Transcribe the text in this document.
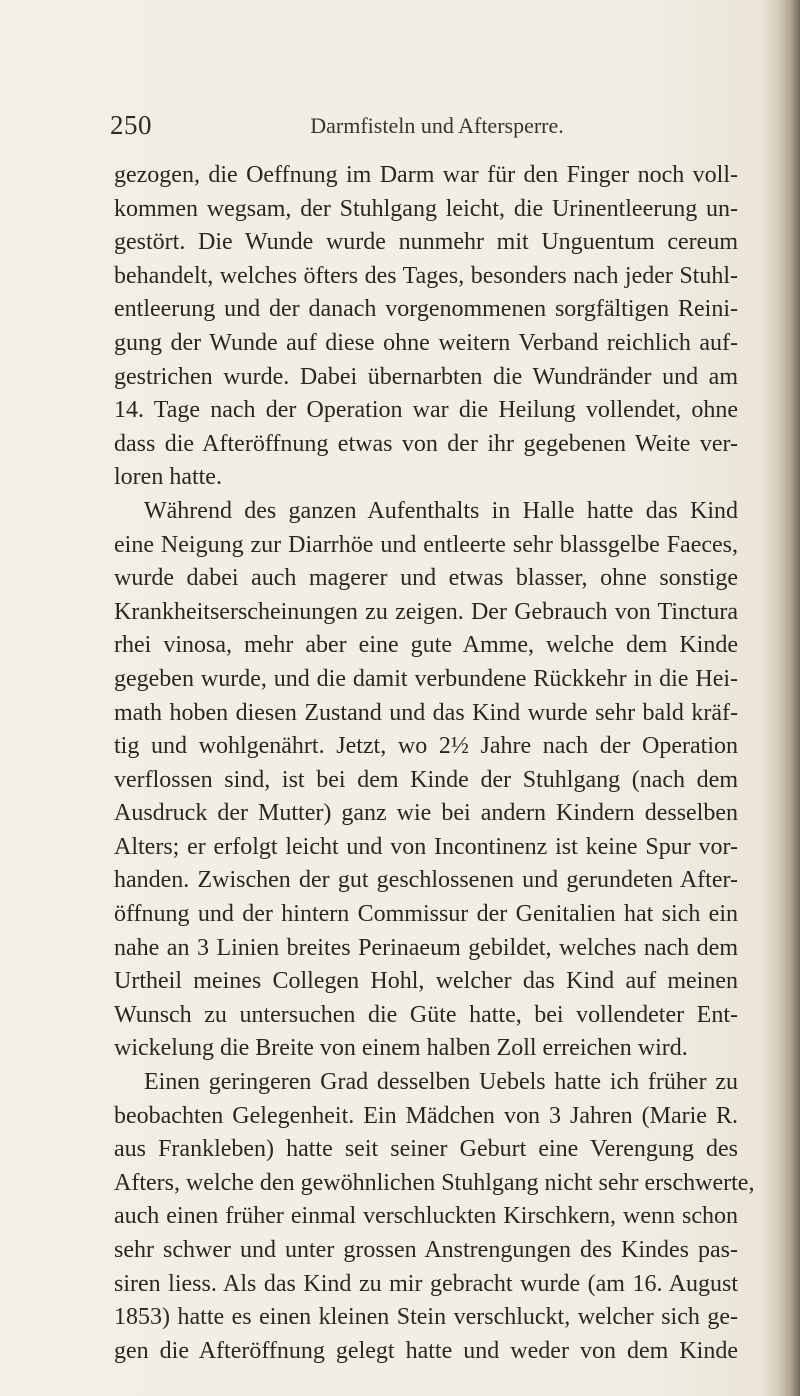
250	Darmfisteln und Aftersperre.
gezogen, die Oeffnung im Darm war für den Finger noch voll-
kommen wegsam, der Stuhlgang leicht, die Urinentleerung un-
gestört. Die Wunde wurde nunmehr mit Unguentum cereum
behandelt, welches öfters des Tages, besonders nach jeder Stuhl-
entleerung und der danach vorgenommenen sorgfältigen Reini-
gung der Wunde auf diese ohne weitern Verband reichlich auf-
gestrichen wurde. Dabei übernarbten die Wundränder und am
14. Tage nach der Operation war die Heilung vollendet, ohne
dass die Afteröffnung etwas von der ihr gegebenen Weite ver-
loren hatte.
Während des ganzen Aufenthalts in Halle hatte das Kind
eine Neigung zur Diarrhöe und entleerte sehr blassgelbe Faeces,
wurde dabei auch magerer und etwas blasser, ohne sonstige
Krankheitserscheinungen zu zeigen. Der Gebrauch von Tinctura
rhei vinosa, mehr aber eine gute Amme, welche dem Kinde
gegeben wurde, und die damit verbundene Rückkehr in die Hei-
math hoben diesen Zustand und das Kind wurde sehr bald kräf-
tig und wohlgenährt. Jetzt, wo 2½ Jahre nach der Operation
verflossen sind, ist bei dem Kinde der Stuhlgang (nach dem
Ausdruck der Mutter) ganz wie bei andern Kindern desselben
Alters; er erfolgt leicht und von Incontinenz ist keine Spur vor-
handen. Zwischen der gut geschlossenen und gerundeten After-
öffnung und der hintern Commissur der Genitalien hat sich ein
nahe an 3 Linien breites Perinaeum gebildet, welches nach dem
Urtheil meines Collegen Hohl, welcher das Kind auf meinen
Wunsch zu untersuchen die Güte hatte, bei vollendeter Ent-
wickelung die Breite von einem halben Zoll erreichen wird.
Einen geringeren Grad desselben Uebels hatte ich früher zu
beobachten Gelegenheit. Ein Mädchen von 3 Jahren (Marie R.
aus Frankleben) hatte seit seiner Geburt eine Verengung des
Afters, welche den gewöhnlichen Stuhlgang nicht sehr erschwerte,
auch einen früher einmal verschluckten Kirschkern, wenn schon
sehr schwer und unter grossen Anstrengungen des Kindes pas-
siren liess. Als das Kind zu mir gebracht wurde (am 16. August
1853) hatte es einen kleinen Stein verschluckt, welcher sich ge-
gen die Afteröffnung gelegt hatte und weder von dem Kinde
